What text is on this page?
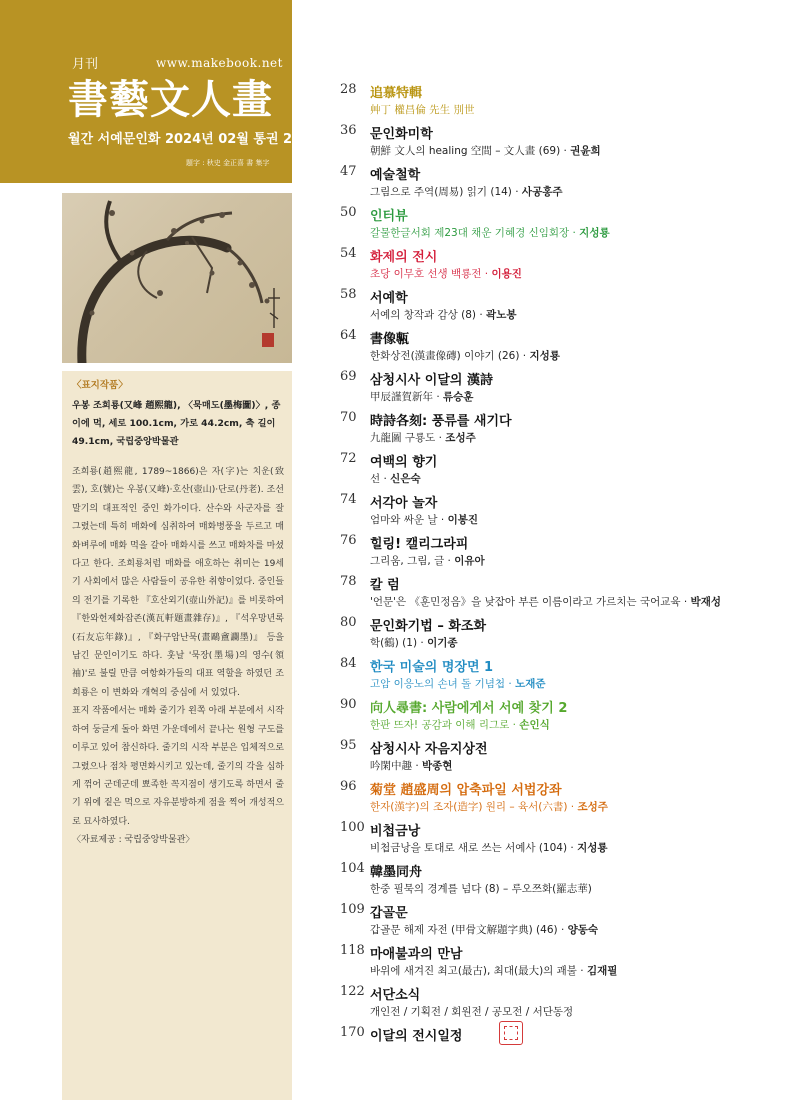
月刊	www.makebook.net
書藝文人畫
월간 서예문인화 2024년 02월 통권 268호
題字 : 秋史 金正喜 書 集字
〈표지작품〉
우봉 조희룡(又峰 趙熙龍), 〈묵매도(墨梅圖)〉, 종이에 먹, 세로 100.1cm, 가로 44.2cm, 축 길이 49.1cm, 국립중앙박물관

조희룡(趙熙龍, 1789~1866)은 자(字)는 치운(致雲), 호(號)는 우봉(又峰)·호산(壺山)·단로(丹老). 조선 말기의 대표적인 중인 화가이다. 산수와 사군자를 잘 그렸는데 특히 매화에 심취하여 매화병풍을 두르고 매화벼루에 매화 먹을 갈아 매화시를 쓰고 매화차를 마셨다고 한다. 조희룡처럼 매화를 애호하는 취미는 19세기 사회에서 많은 사람들이 공유한 취향이었다. 중인들의 전기를 기록한 『호산외기(壺山外記)』를 비롯하여 『한와헌제화잡존(漢瓦軒題畫雜存)』, 『석우망년록(石友忘年錄)』, 『화구암난묵(畫鷗盦讕墨)』 등을 남긴 문인이기도 하다. 훗날 '묵장(墨場)의 영수(領袖)'로 불릴 만큼 여항화가들의 대표 역할을 하였던 조희룡은 이 변화와 개혁의 중심에 서 있었다.

표지 작품에서는 매화 줄기가 왼쪽 아래 부분에서 시작하여 둥글게 돌아 화면 가운데에서 끝나는 원형 구도를 이루고 있어 참신하다. 줄기의 시작 부분은 입체적으로 그렸으나 점차 평면화시키고 있는데, 줄기의 각을 심하게 꺾어 군데군데 뾰족한 꼭지점이 생기도록 하면서 줄기 위에 짙은 먹으로 자유분방하게 점을 찍어 개성적으로 묘사하였다.

〈자료제공 : 국립중앙박물관〉
28	追慕特輯
艸丁 權昌倫 先生 別世
36	문인화미학
朝鮮 文人의 healing 空間 – 文人畫 (69) · 권윤희
47	예술철학
그림으로 주역(周易) 읽기 (14) · 사공홍주
50	인터뷰
갈물한글서회 제23대 채운 기혜경 신임회장 · 지성룡
54	화제의 전시
초당 이무호 선생 백룡전 · 이용진
58	서예학
서예의 창작과 감상 (8) · 곽노봉
64	書像甎
한화상전(漢畫像磚) 이야기 (26) · 지성룡
69	삼청시사 이달의 漢詩
甲辰謹賀新年 · 류승훈
70	時詩各刻: 풍류를 새기다
九龍圖 구룡도 · 조성주
72	여백의 향기
선 · 신은숙
74	서각아 놀자
엄마와 싸운 날 · 이봉진
76	힐링! 캘리그라피
그리움, 그림, 글 · 이유아
78	칼 럼
'언문'은 《훈민정음》을 낮잡아 부른 이름이라고 가르치는 국어교육 · 박재성
80	문인화기법 – 화조화
학(鶴) (1) · 이기종
84	한국 미술의 명장면 1
고암 이응노의 손녀 돌 기념첩 · 노재준
90	向人尋書: 사람에게서 서예 찾기 2
한판 뜨자! 공감과 이해 리그로 · 손인식
95	삼청시사 자음지상전
吟閑中趣 · 박종현
96	菊堂 趙盛周의 압축파일 서법강좌
한자(漢字)의 조자(造字) 원리 – 육서(六書) · 조성주
100 비첩금낭
비첩금낭을 토대로 새로 쓰는 서예사 (104) · 지성룡
104 韓墨同舟
한중 필묵의 경계를 넘다 (8) – 루오쯔화(羅志華)
109 갑골문
갑골문 해제 자전 (甲骨文解題字典) (46) · 양동숙
118 마애불과의 만남
바위에 새겨진 최고(最古), 최대(最大)의 괘불 · 김재필
122 서단소식
개인전 / 기획전 / 회원전 / 공모전 / 서단동정
170 이달의 전시일정
